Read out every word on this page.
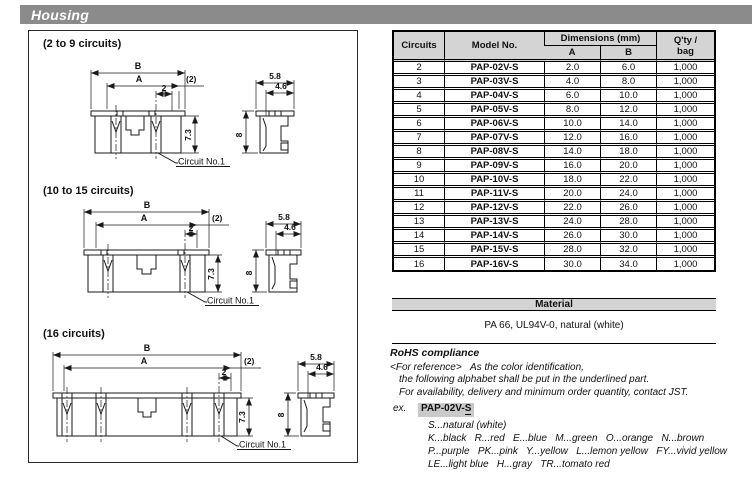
Housing
(2 to 9 circuits)
(10 to 15 circuits)
(16 circuits)
B
A	(2)
2
7.3
5.8
4.6
8
Circuit No.1
B
A	(2)
2
7.3
5.8
4.6
8
Circuit No.1
B
A	(2)
2
7.3
5.8
4.6
8
Circuit No.1
Circuits	Model No.	Dimensions (mm)		Q'ty /
bag

		A	B	
2	PAP-02V-S	2.0	6.0	1,000
3	PAP-03V-S	4.0	8.0	1,000
4	PAP-04V-S	6.0	10.0	1,000
5	PAP-05V-S	8.0	12.0	1,000
6	PAP-06V-S	10.0	14.0	1,000
7	PAP-07V-S	12.0	16.0	1,000
8	PAP-08V-S	14.0	18.0	1,000
9	PAP-09V-S	16.0	20.0	1,000
10	PAP-10V-S	18.0	22.0	1,000
11	PAP-11V-S	20.0	24.0	1,000
12	PAP-12V-S	22.0	26.0	1,000
13	PAP-13V-S	24.0	28.0	1,000
14	PAP-14V-S	26.0	30.0	1,000
15	PAP-15V-S	28.0	32.0	1,000
16	PAP-16V-S	30.0	34.0	1,000
Material
PA 66, UL94V-0, natural (white)
RoHS compliance
<For reference> As the color identification,
the following alphabet shall be put in the underlined part.
For availability, delivery and minimum order quantity, contact JST.
ex.	PAP-02V-S
S...natural (white)
K...black   R...red   E...blue   M...green   O...orange   N...brown
P...purple   PK...pink   Y...yellow   L...lemon yellow   FY...vivid yellow
LE...light blue   H...gray   TR...tomato red
